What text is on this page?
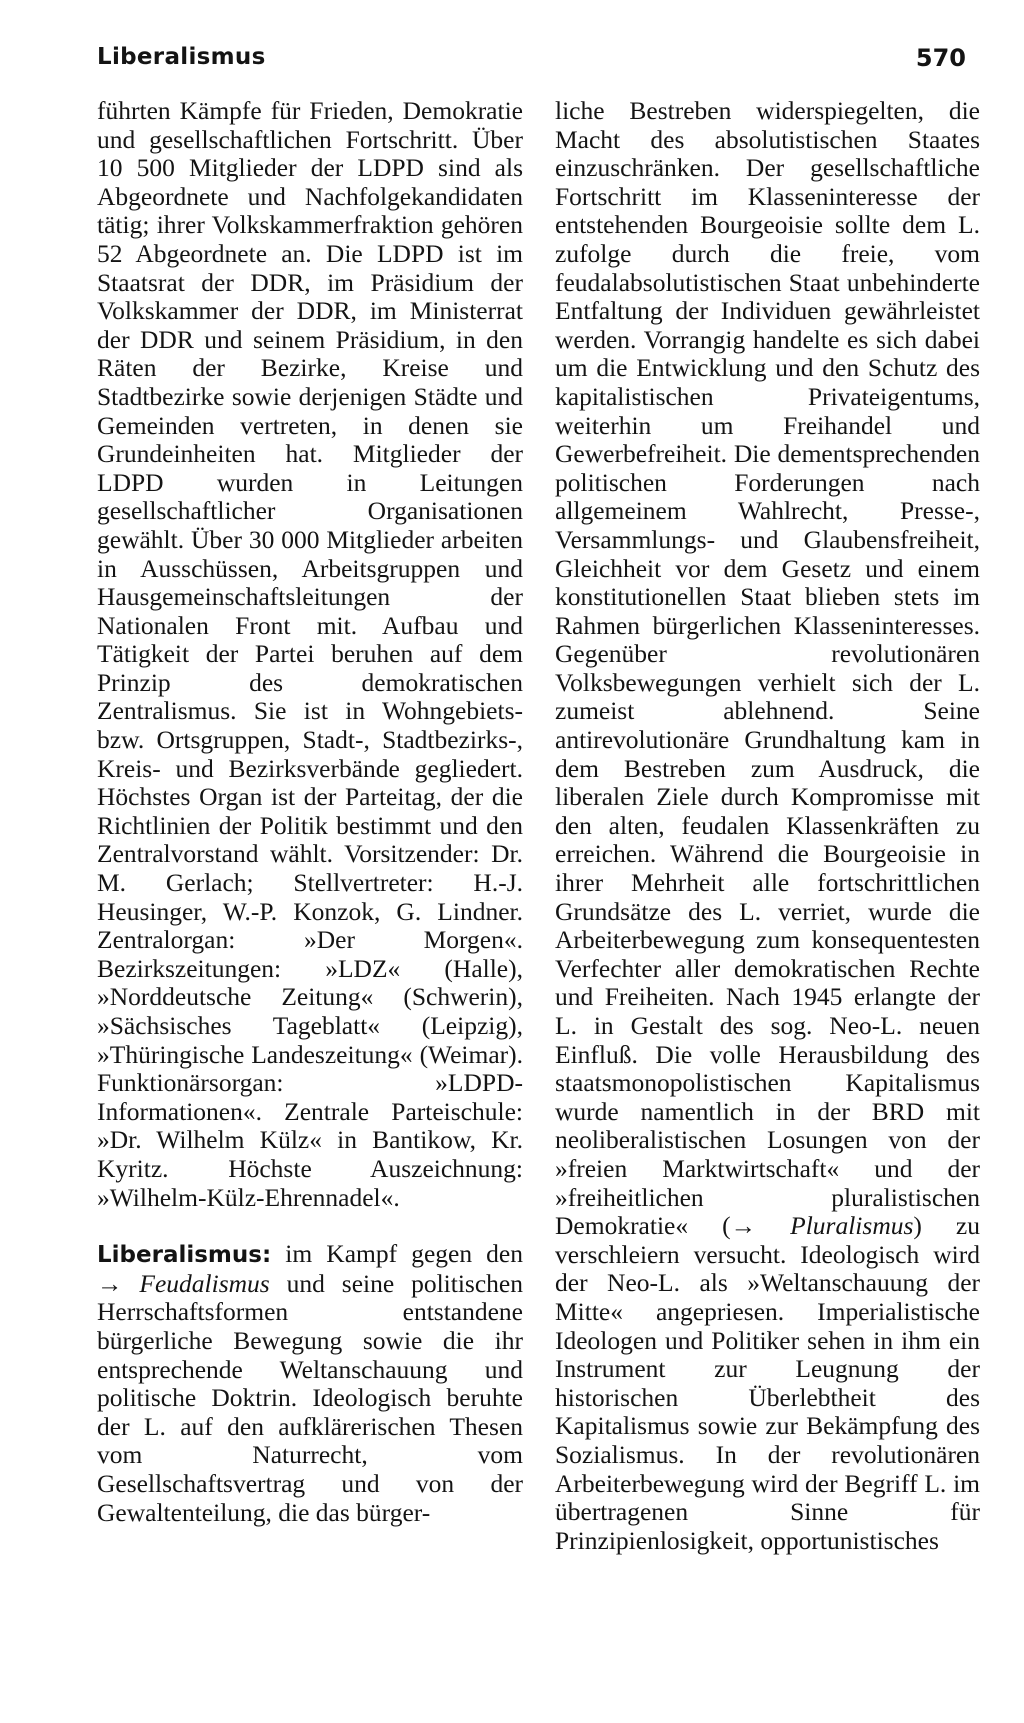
Liberalismus	570

führten Kämpfe für Frieden, Demokratie und gesellschaftlichen Fortschritt. Über 10 500 Mitglieder der LDPD sind als Abgeordnete und Nachfolgekandidaten tätig; ihrer Volkskammerfraktion gehören 52 Abgeordnete an. Die LDPD ist im Staatsrat der DDR, im Präsidium der Volkskammer der DDR, im Ministerrat der DDR und seinem Präsidium, in den Räten der Bezirke, Kreise und Stadtbezirke sowie derjenigen Städte und Gemeinden vertreten, in denen sie Grundeinheiten hat. Mitglieder der LDPD wurden in Leitungen gesellschaftlicher Organisationen gewählt. Über 30 000 Mitglieder arbeiten in Ausschüssen, Arbeitsgruppen und Hausgemeinschaftsleitungen der Nationalen Front mit. Aufbau und Tätigkeit der Partei beruhen auf dem Prinzip des demokratischen Zentralismus. Sie ist in Wohngebiets- bzw. Ortsgruppen, Stadt-, Stadtbezirks-, Kreis- und Bezirksverbände gegliedert. Höchstes Organ ist der Parteitag, der die Richtlinien der Politik bestimmt und den Zentralvorstand wählt. Vorsitzender: Dr. M. Gerlach; Stellvertreter: H.-J. Heusinger, W.-P. Konzok, G. Lindner. Zentralorgan: »Der Morgen«. Bezirkszeitungen: »LDZ« (Halle), »Norddeutsche Zeitung« (Schwerin), »Sächsisches Tageblatt« (Leipzig), »Thüringische Landeszeitung« (Weimar). Funktionärsorgan: »LDPD-Informationen«. Zentrale Parteischule: »Dr. Wilhelm Külz« in Bantikow, Kr. Kyritz. Höchste Auszeichnung: »Wilhelm-Külz-Ehrennadel«.

Liberalismus: im Kampf gegen den → Feudalismus und seine politischen Herrschaftsformen entstandene bürgerliche Bewegung sowie die ihr entsprechende Weltanschauung und politische Doktrin. Ideologisch beruhte der L. auf den aufklärerischen Thesen vom Naturrecht, vom Gesellschaftsvertrag und von der Gewaltenteilung, die das bürger-

liche Bestreben widerspiegelten, die Macht des absolutistischen Staates einzuschränken. Der gesellschaftliche Fortschritt im Klasseninteresse der entstehenden Bourgeoisie sollte dem L. zufolge durch die freie, vom feudalabsolutistischen Staat unbehinderte Entfaltung der Individuen gewährleistet werden. Vorrangig handelte es sich dabei um die Entwicklung und den Schutz des kapitalistischen Privateigentums, weiterhin um Freihandel und Gewerbefreiheit. Die dementsprechenden politischen Forderungen nach allgemeinem Wahlrecht, Presse-, Versammlungs- und Glaubensfreiheit, Gleichheit vor dem Gesetz und einem konstitutionellen Staat blieben stets im Rahmen bürgerlichen Klasseninteresses. Gegenüber revolutionären Volksbewegungen verhielt sich der L. zumeist ablehnend. Seine antirevolutionäre Grundhaltung kam in dem Bestreben zum Ausdruck, die liberalen Ziele durch Kompromisse mit den alten, feudalen Klassenkräften zu erreichen. Während die Bourgeoisie in ihrer Mehrheit alle fortschrittlichen Grundsätze des L. verriet, wurde die Arbeiterbewegung zum konsequentesten Verfechter aller demokratischen Rechte und Freiheiten. Nach 1945 erlangte der L. in Gestalt des sog. Neo-L. neuen Einfluß. Die volle Herausbildung des staatsmonopolistischen Kapitalismus wurde namentlich in der BRD mit neoliberalistischen Losungen von der »freien Marktwirtschaft« und der »freiheitlichen pluralistischen Demokratie« (→ Pluralismus) zu verschleiern versucht. Ideologisch wird der Neo-L. als »Weltanschauung der Mitte« angepriesen. Imperialistische Ideologen und Politiker sehen in ihm ein Instrument zur Leugnung der historischen Überlebtheit des Kapitalismus sowie zur Bekämpfung des Sozialismus. In der revolutionären Arbeiterbewegung wird der Begriff L. im übertragenen Sinne für Prinzipienlosigkeit, opportunistisches
